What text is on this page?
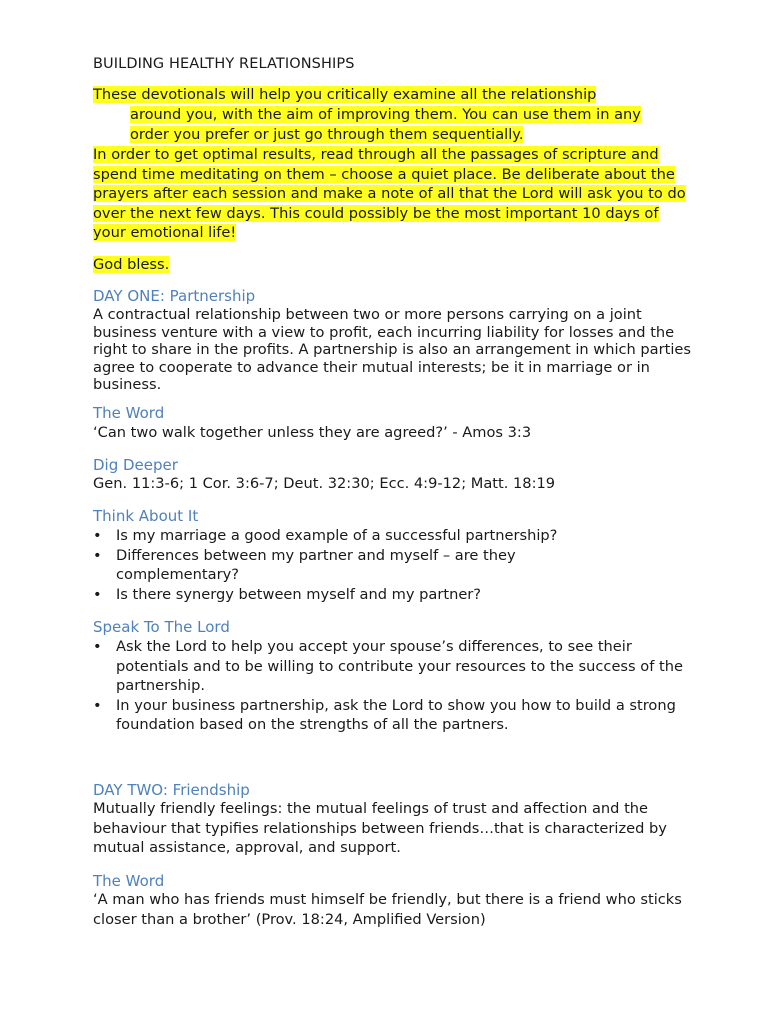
BUILDING HEALTHY RELATIONSHIPS

These devotionals will help you critically examine all the relationship
around you, with the aim of improving them. You can use them in any
order you prefer or just go through them sequentially.

In order to get optimal results, read through all the passages of scripture and spend time meditating on them – choose a quiet place. Be deliberate about the prayers after each session and make a note of all that the Lord will ask you to do over the next few days. This could possibly be the most important 10 days of your emotional life!

God bless.

DAY ONE: Partnership

A contractual relationship between two or more persons carrying on a joint business venture with a view to profit, each incurring liability for losses and the right to share in the profits. A partnership is also an arrangement in which parties agree to cooperate to advance their mutual interests; be it in marriage or in business.

The Word

‘Can two walk together unless they are agreed?’ - Amos 3:3

Dig Deeper

Gen. 11:3-6; 1 Cor. 3:6-7; Deut. 32:30; Ecc. 4:9-12; Matt. 18:19

Think About It

• Is my marriage a good example of a successful partnership?
• Differences between my partner and myself – are they complementary?
• Is there synergy between myself and my partner?

Speak To The Lord

• Ask the Lord to help you accept your spouse’s differences, to see their potentials and to be willing to contribute your resources to the success of the partnership.
• In your business partnership, ask the Lord to show you how to build a strong foundation based on the strengths of all the partners.

DAY TWO: Friendship

Mutually friendly feelings: the mutual feelings of trust and affection and the behaviour that typifies relationships between friends…that is characterized by mutual assistance, approval, and support.

The Word

‘A man who has friends must himself be friendly, but there is a friend who sticks closer than a brother’ (Prov. 18:24, Amplified Version)
